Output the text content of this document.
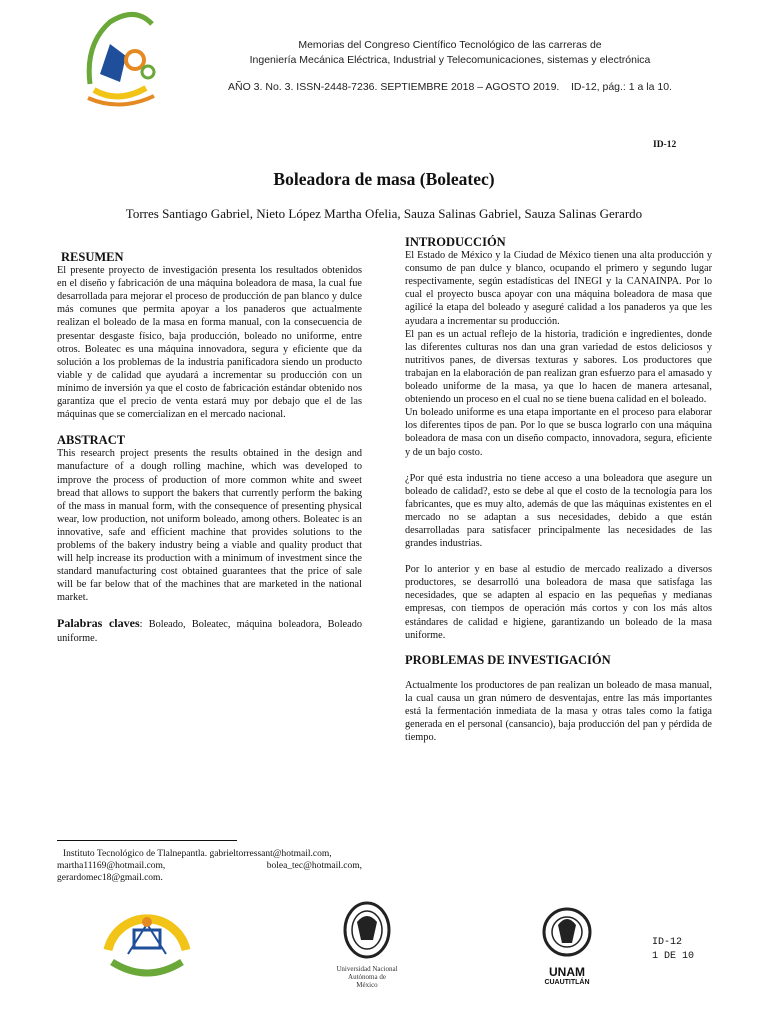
Memorias del Congreso Científico Tecnológico de las carreras de
Ingeniería Mecánica Eléctrica, Industrial y Telecomunicaciones, sistemas y electrónica
AÑO 3. No. 3. ISSN-2448-7236. SEPTIEMBRE 2018 – AGOSTO 2019.    ID-12, pág.: 1 a la 10.
ID-12
Boleadora de masa (Boleatec)
Torres Santiago Gabriel, Nieto López Martha Ofelia, Sauza Salinas Gabriel, Sauza Salinas Gerardo

RESUMEN

El presente proyecto de investigación presenta los resultados obtenidos en el diseño y fabricación de una máquina boleadora de masa, la cual fue desarrollada para mejorar el proceso de producción de pan blanco y dulce más comunes que permita apoyar a los panaderos que actualmente realizan el boleado de la masa en forma manual, con la consecuencia de presentar desgaste físico, baja producción, boleado no uniforme, entre otros. Boleatec es una máquina innovadora, segura y eficiente que da solución a los problemas de la industria panificadora siendo un producto viable y de calidad que ayudará a incrementar su producción con un mínimo de inversión ya que el costo de fabricación estándar obtenido nos garantiza que el precio de venta estará muy por debajo que el de las máquinas que se comercializan en el mercado nacional.

ABSTRACT

This research project presents the results obtained in the design and manufacture of a dough rolling machine, which was developed to improve the process of production of more common white and sweet bread that allows to support the bakers that currently perform the baking of the mass in manual form, with the consequence of presenting physical wear, low production, not uniform boleado, among others. Boleatec is an innovative, safe and efficient machine that provides solutions to the problems of the bakery industry being a viable and quality product that will help increase its production with a minimum of investment since the standard manufacturing cost obtained guarantees that the price of sale will be far below that of the machines that are marketed in the national market.

Palabras claves: Boleado, Boleatec, máquina boleadora, Boleado uniforme.

INTRODUCCIÓN

El Estado de México y la Ciudad de México tienen una alta producción y consumo de pan dulce y blanco, ocupando el primero y segundo lugar respectivamente, según estadísticas del INEGI y la CANAINPA. Por lo cual el proyecto busca apoyar con una máquina boleadora de masa que agilicé la etapa del boleado y aseguré calidad a los panaderos ya que les ayudara a incrementar su producción.

El pan es un actual reflejo de la historia, tradición e ingredientes, donde las diferentes culturas nos dan una gran variedad de estos deliciosos y nutritivos panes, de diversas texturas y sabores. Los productores que trabajan en la elaboración de pan realizan gran esfuerzo para el amasado y boleado uniforme de la masa, ya que lo hacen de manera artesanal, obteniendo un proceso en el cual no se tiene buena calidad en el boleado.

Un boleado uniforme es una etapa importante en el proceso para elaborar los diferentes tipos de pan. Por lo que se busca lograrlo con una máquina boleadora de masa con un diseño compacto, innovadora, segura, eficiente y de un bajo costo.

¿Por qué esta industria no tiene acceso a una boleadora que asegure un boleado de calidad?, esto se debe al que el costo de la tecnología para los fabricantes, que es muy alto, además de que las máquinas existentes en el mercado no se adaptan a sus necesidades, debido a que están desarrolladas para satisfacer principalmente las necesidades de las grandes industrias.

Por lo anterior y en base al estudio de mercado realizado a diversos productores, se desarrolló una boleadora de masa que satisfaga las necesidades, que se adapten al espacio en las pequeñas y medianas empresas, con tiempos de operación más cortos y con los más altos estándares de calidad e higiene, garantizando un boleado de la masa uniforme.

PROBLEMAS DE INVESTIGACIÓN

Actualmente los productores de pan realizan un boleado de masa manual, la cual causa un gran número de desventajas, entre las más importantes está la fermentación inmediata de la masa y otras tales como la fatiga generada en el personal (cansancio), baja producción del pan y pérdida de tiempo.

Instituto Tecnológico de Tlalnepantla. gabrieltorressant@hotmail.com,
martha11169@hotmail.com,	bolea_tec@hotmail.com,
gerardomec18@gmail.com.
Universidad Nacional
Autónoma de
México
UNAM
CUAUTITLÁN
ID-12
1 DE 10
